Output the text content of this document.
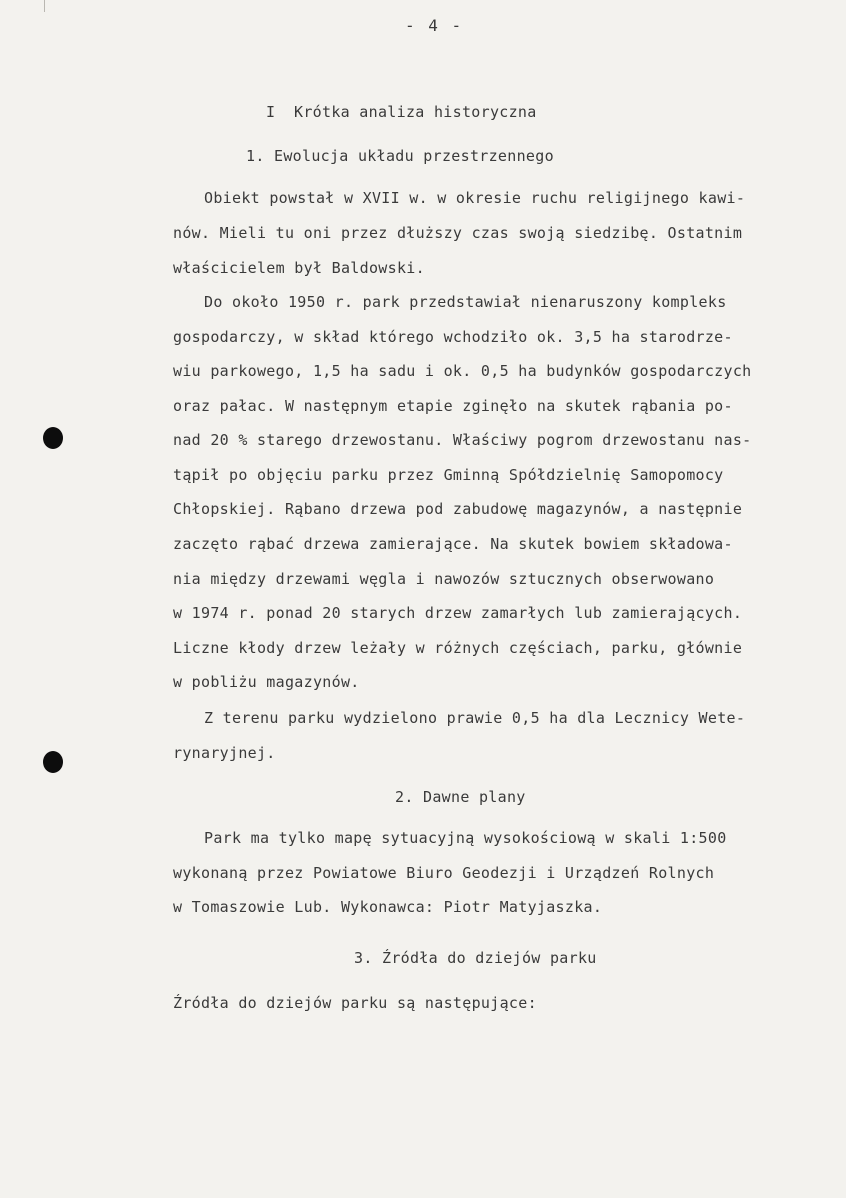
- 4 -
I  Krótka analiza historyczna
1. Ewolucja układu przestrzennego
Obiekt powstał w XVII w. w okresie ruchu religijnego kawi-
nów. Mieli tu oni przez dłuższy czas swoją siedzibę. Ostatnim
właścicielem był Baldowski.
Do około 1950 r. park przedstawiał nienaruszony kompleks
gospodarczy, w skład którego wchodziło ok. 3,5 ha starodrze-
wiu parkowego, 1,5 ha sadu i ok. 0,5 ha budynków gospodarczych
oraz pałac. W następnym etapie zginęło na skutek rąbania po-
nad 20 % starego drzewostanu. Właściwy pogrom drzewostanu nas-
tąpił po objęciu parku przez Gminną Spółdzielnię Samopomocy
Chłopskiej. Rąbano drzewa pod zabudowę magazynów, a następnie
zaczęto rąbać drzewa zamierające. Na skutek bowiem składowa-
nia między drzewami węgla i nawozów sztucznych obserwowano
w 1974 r. ponad 20 starych drzew zamarłych lub zamierających.
Liczne kłody drzew leżały w różnych częściach, parku, głównie
w pobliżu magazynów.
Z terenu parku wydzielono prawie 0,5 ha dla Lecznicy Wete-
rynaryjnej.
2. Dawne plany
Park ma tylko mapę sytuacyjną wysokościową w skali 1:500
wykonaną przez Powiatowe Biuro Geodezji i Urządzeń Rolnych
w Tomaszowie Lub. Wykonawca: Piotr Matyjaszka.
3. Źródła do dziejów parku
Źródła do dziejów parku są następujące:
